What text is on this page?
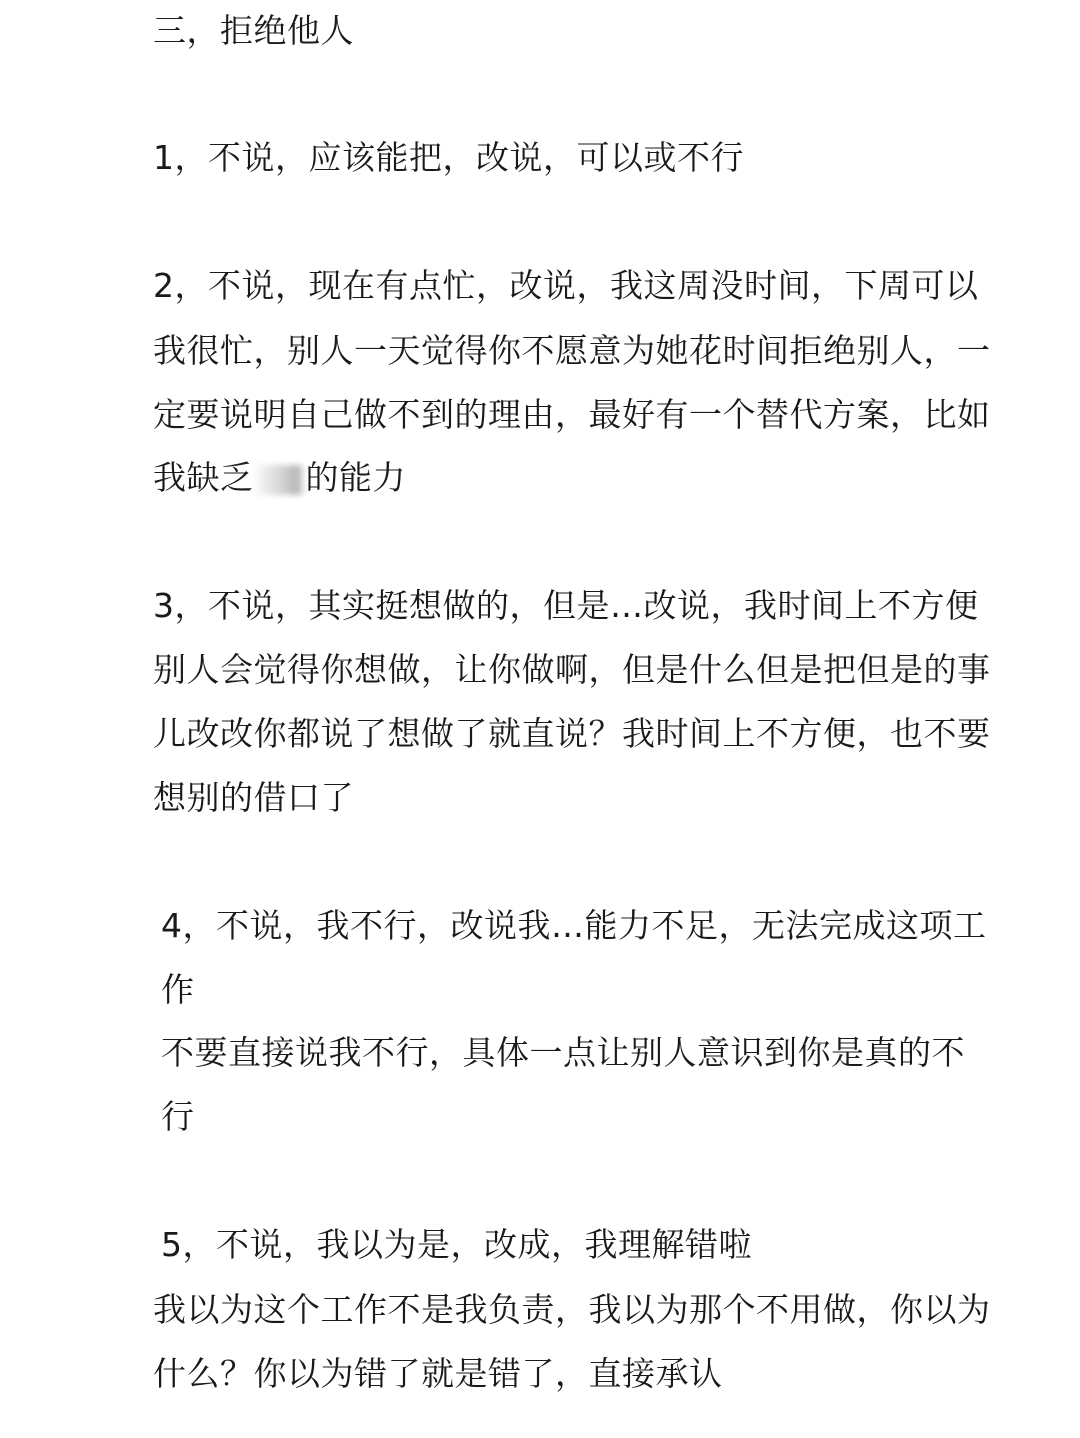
三，拒绝他人
1，不说，应该能把，改说，可以或不行
2，不说，现在有点忙，改说，我这周没时间，下周可以
我很忙，别人一天觉得你不愿意为她花时间拒绝别人，一
定要说明自己做不到的理由，最好有一个替代方案，比如
我缺乏 的能力
3，不说，其实挺想做的，但是…改说，我时间上不方便
别人会觉得你想做，让你做啊，但是什么但是把但是的事
儿改改你都说了想做了就直说？我时间上不方便，也不要
想别的借口了
4，不说，我不行，改说我…能力不足，无法完成这项工
作
不要直接说我不行，具体一点让别人意识到你是真的不
行
5，不说，我以为是，改成，我理解错啦
我以为这个工作不是我负责，我以为那个不用做，你以为
什么？你以为错了就是错了，直接承认
